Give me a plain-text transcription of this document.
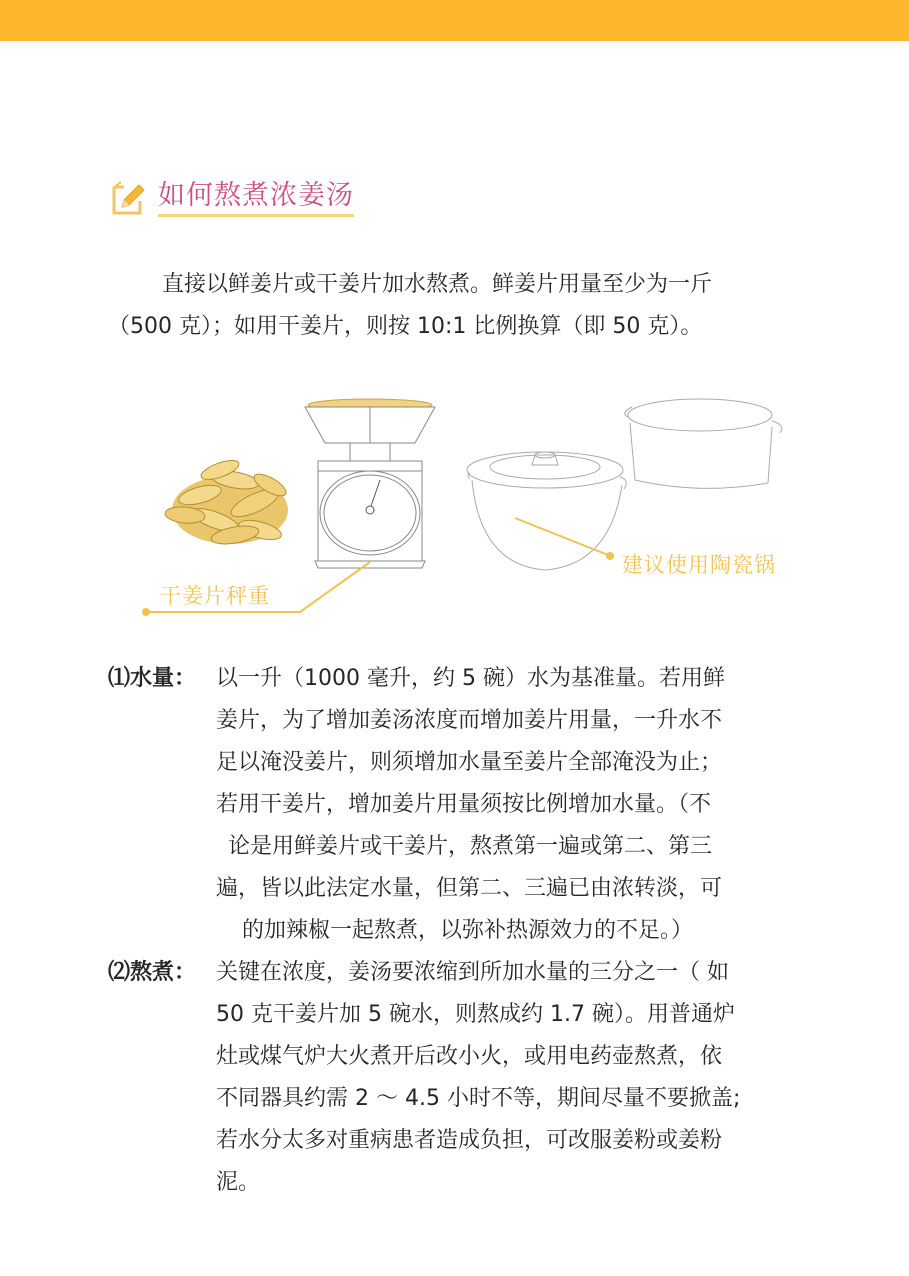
如何熬煮浓姜汤

直接以鲜姜片或干姜片加水熬煮。鲜姜片用量至少为一斤

（500 克）；如用干姜片，则按 10:1 比例换算（即 50 克）。

干姜片秤重
建议使用陶瓷锅
⑴水量： 以一升（1000 毫升，约 5 碗）水为基准量。若用鲜
姜片，为了增加姜汤浓度而增加姜片用量，一升水不
足以淹没姜片，则须增加水量至姜片全部淹没为止；
若用干姜片，增加姜片用量须按比例增加水量。（不
论是用鲜姜片或干姜片，熬煮第一遍或第二、第三
遍，皆以此法定水量，但第二、三遍已由浓转淡，可
的加辣椒一起熬煮，以弥补热源效力的不足。）
⑵熬煮： 关键在浓度，姜汤要浓缩到所加水量的三分之一（ 如
50 克干姜片加 5 碗水，则熬成约 1.7 碗）。用普通炉
灶或煤气炉大火煮开后改小火，或用电药壶熬煮，依
不同器具约需 2 ～ 4.5 小时不等，期间尽量不要掀盖;
若水分太多对重病患者造成负担，可改服姜粉或姜粉
泥。
